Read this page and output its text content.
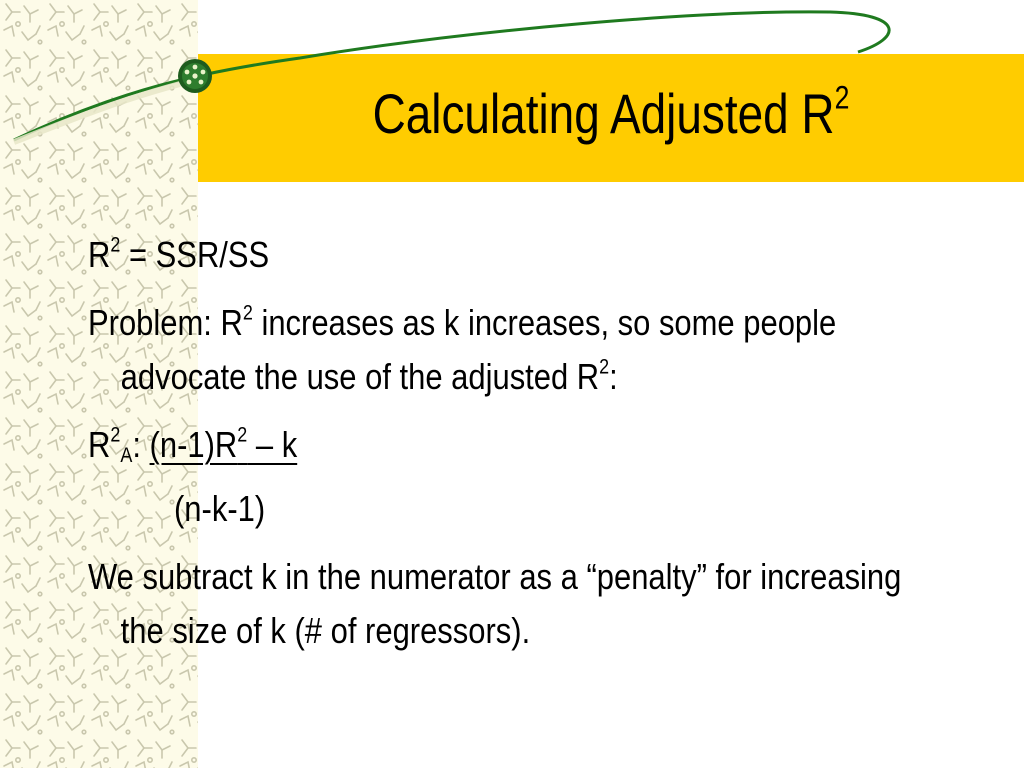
Calculating Adjusted $R^2$
$R^2 = SSR/SS$
Problem: $R^2$ increases as k increases, so some people advocate the use of the adjusted $R^2$:
$R^2_A$: $(n-1)R^2$ – k
(n-k-1)
We subtract k in the numerator as a “penalty” for increasing the size of k (# of regressors).
